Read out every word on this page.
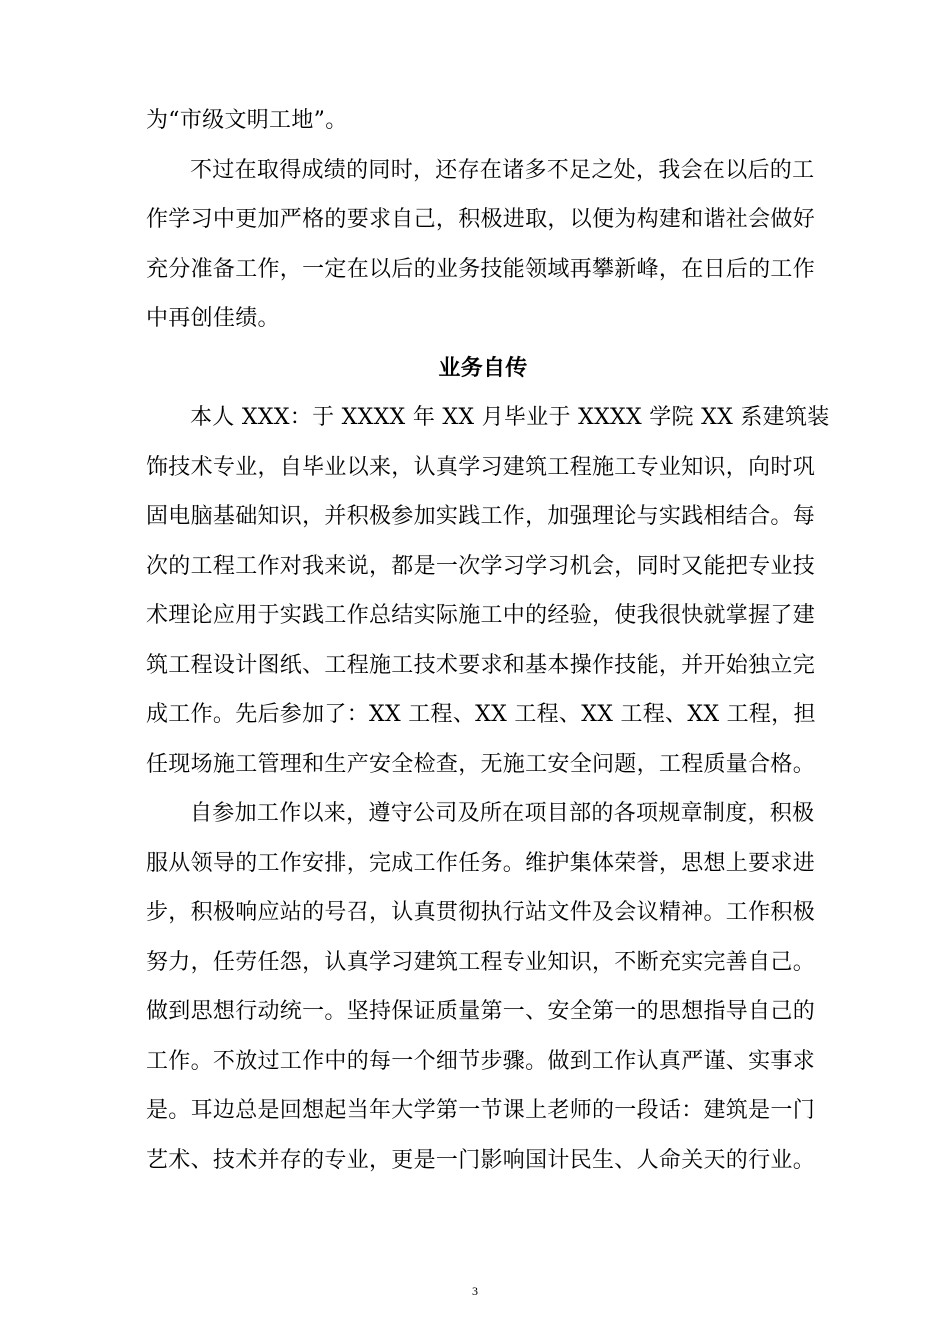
为“市级文明工地”。
不过在取得成绩的同时，还存在诸多不足之处，我会在以后的工
作学习中更加严格的要求自己，积极进取，以便为构建和谐社会做好
充分准备工作，一定在以后的业务技能领域再攀新峰，在日后的工作
中再创佳绩。
业务自传
本人 XXX：于 XXXX 年 XX 月毕业于 XXXX 学院 XX 系建筑装
饰技术专业，自毕业以来，认真学习建筑工程施工专业知识，向时巩
固电脑基础知识，并积极参加实践工作，加强理论与实践相结合。每
次的工程工作对我来说，都是一次学习学习机会，同时又能把专业技
术理论应用于实践工作总结实际施工中的经验，使我很快就掌握了建
筑工程设计图纸、工程施工技术要求和基本操作技能，并开始独立完
成工作。先后参加了：XX 工程、XX 工程、XX 工程、XX 工程，担
任现场施工管理和生产安全检查，无施工安全问题，工程质量合格。
自参加工作以来，遵守公司及所在项目部的各项规章制度，积极
服从领导的工作安排，完成工作任务。维护集体荣誉，思想上要求进
步，积极响应站的号召，认真贯彻执行站文件及会议精神。工作积极
努力，任劳任怨，认真学习建筑工程专业知识，不断充实完善自己。
做到思想行动统一。坚持保证质量第一、安全第一的思想指导自己的
工作。不放过工作中的每一个细节步骤。做到工作认真严谨、实事求
是。耳边总是回想起当年大学第一节课上老师的一段话：建筑是一门
艺术、技术并存的专业，更是一门影响国计民生、人命关天的行业。
3
